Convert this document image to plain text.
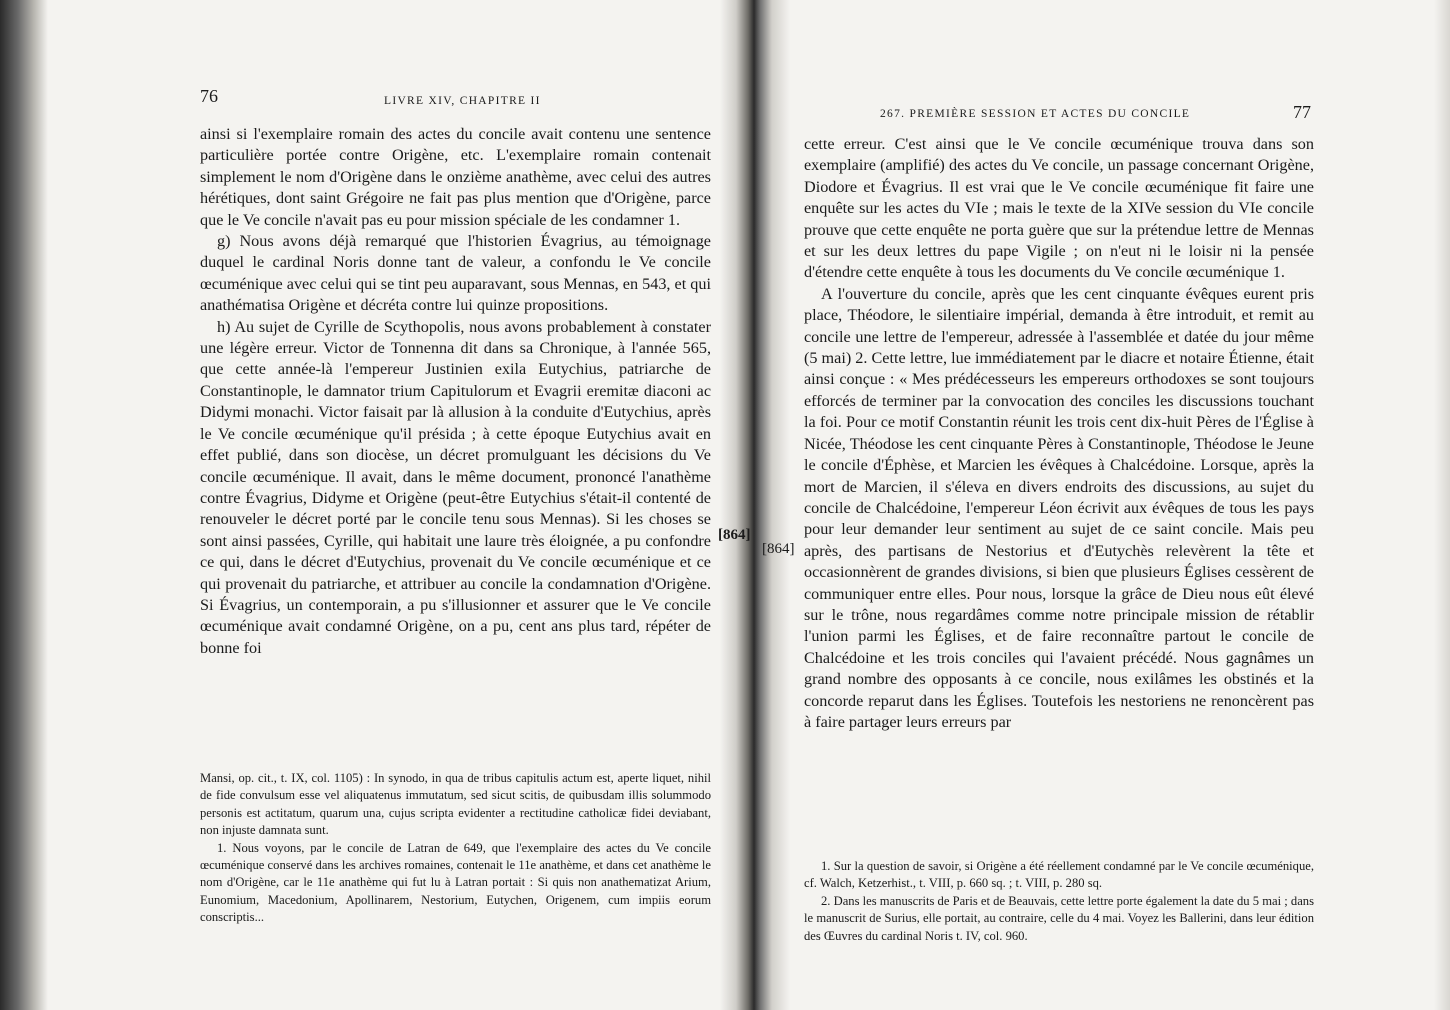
76	LIVRE XIV, CHAPITRE II

ainsi si l'exemplaire romain des actes du concile avait contenu une sentence particulière portée contre Origène, etc. L'exemplaire romain contenait simplement le nom d'Origène dans le onzième anathème, avec celui des autres hérétiques, dont saint Grégoire ne fait pas plus mention que d'Origène, parce que le Ve concile n'avait pas eu pour mission spéciale de les condamner 1.

g) Nous avons déjà remarqué que l'historien Évagrius, au témoignage duquel le cardinal Noris donne tant de valeur, a confondu le Ve concile œcuménique avec celui qui se tint peu auparavant, sous Mennas, en 543, et qui anathématisa Origène et décréta contre lui quinze propositions.

h) Au sujet de Cyrille de Scythopolis, nous avons probablement à constater une légère erreur. Victor de Tonnenna dit dans sa Chronique, à l'année 565, que cette année-là l'empereur Justinien exila Eutychius, patriarche de Constantinople, le damnator trium Capitulorum et Evagrii eremitæ diaconi ac Didymi monachi. Victor faisait par là allusion à la conduite d'Eutychius, après le Ve concile œcuménique qu'il présida ; à cette époque Eutychius avait en effet publié, dans son diocèse, un décret promulguant les décisions du Ve concile œcuménique. Il avait, dans le même document, prononcé l'anathème contre Évagrius, Didyme et Origène (peut-être Eutychius s'était-il contenté de renouveler le décret porté par le concile tenu sous Mennas). Si les choses se sont ainsi passées, Cyrille, qui habitait une laure très éloignée, a pu confondre ce qui, dans le décret d'Eutychius, provenait du Ve concile œcuménique et ce qui provenait du patriarche, et attribuer au concile la condamnation d'Origène. Si Évagrius, un contemporain, a pu s'illusionner et assurer que le Ve concile œcuménique avait condamné Origène, on a pu, cent ans plus tard, répéter de bonne foi

Mansi, op. cit., t. IX, col. 1105) : In synodo, in qua de tribus capitulis actum est, aperte liquet, nihil de fide convulsum esse vel aliquatenus immutatum, sed sicut scitis, de quibusdam illis solummodo personis est actitatum, quarum una, cujus scripta evidenter a rectitudine catholicæ fidei deviabant, non injuste damnata sunt.

1. Nous voyons, par le concile de Latran de 649, que l'exemplaire des actes du Ve concile œcuménique conservé dans les archives romaines, contenait le 11e anathème, et dans cet anathème le nom d'Origène, car le 11e anathème qui fut lu à Latran portait : Si quis non anathematizat Arium, Eunomium, Macedonium, Apollinarem, Nestorium, Eutychen, Origenem, cum impiis eorum conscriptis...

77
267. PREMIÈRE SESSION ET ACTES DU CONCILE

cette erreur. C'est ainsi que le Ve concile œcuménique trouva dans son exemplaire (amplifié) des actes du Ve concile, un passage concernant Origène, Diodore et Évagrius. Il est vrai que le Ve concile œcuménique fit faire une enquête sur les actes du VIe ; mais le texte de la XIVe session du VIe concile prouve que cette enquête ne porta guère que sur la prétendue lettre de Mennas et sur les deux lettres du pape Vigile ; on n'eut ni le loisir ni la pensée d'étendre cette enquête à tous les documents du Ve concile œcuménique 1.

A l'ouverture du concile, après que les cent cinquante évêques eurent pris place, Théodore, le silentiaire impérial, demanda à être introduit, et remit au concile une lettre de l'empereur, adressée à l'assemblée et datée du jour même (5 mai) 2. Cette lettre, lue immédiatement par le diacre et notaire Étienne, était ainsi conçue : « Mes prédécesseurs les empereurs orthodoxes se sont toujours efforcés de terminer par la convocation des conciles les discussions touchant la foi. Pour ce motif Constantin réunit les trois cent dix-huit Pères de l'Église à Nicée, Théodose les cent cinquante Pères à Constantinople, Théodose le Jeune le concile d'Éphèse, et Marcien les évêques à Chalcédoine. Lorsque, après la mort de Marcien, il s'éleva en divers endroits des discussions, au sujet du concile de Chalcédoine, l'empereur Léon écrivit aux évêques de tous les pays pour leur demander leur sentiment au sujet de ce saint concile. Mais peu après, des partisans de Nestorius et d'Eutychès relevèrent la tête et occasionnèrent de grandes divisions, si bien que plusieurs Églises cessèrent de communiquer entre elles. Pour nous, lorsque la grâce de Dieu nous eût élevé sur le trône, nous regardâmes comme notre principale mission de rétablir l'union parmi les Églises, et de faire reconnaître partout le concile de Chalcédoine et les trois conciles qui l'avaient précédé. Nous gagnâmes un grand nombre des opposants à ce concile, nous exilâmes les obstinés et la concorde reparut dans les Églises. Toutefois les nestoriens ne renoncèrent pas à faire partager leurs erreurs par

1. Sur la question de savoir, si Origène a été réellement condamné par le Ve concile œcuménique, cf. Walch, Ketzerhist., t. VIII, p. 660 sq. ; t. VIII, p. 280 sq.

2. Dans les manuscrits de Paris et de Beauvais, cette lettre porte également la date du 5 mai ; dans le manuscrit de Surius, elle portait, au contraire, celle du 4 mai. Voyez les Ballerini, dans leur édition des Œuvres du cardinal Noris t. IV, col. 960.

[864]
[864]
